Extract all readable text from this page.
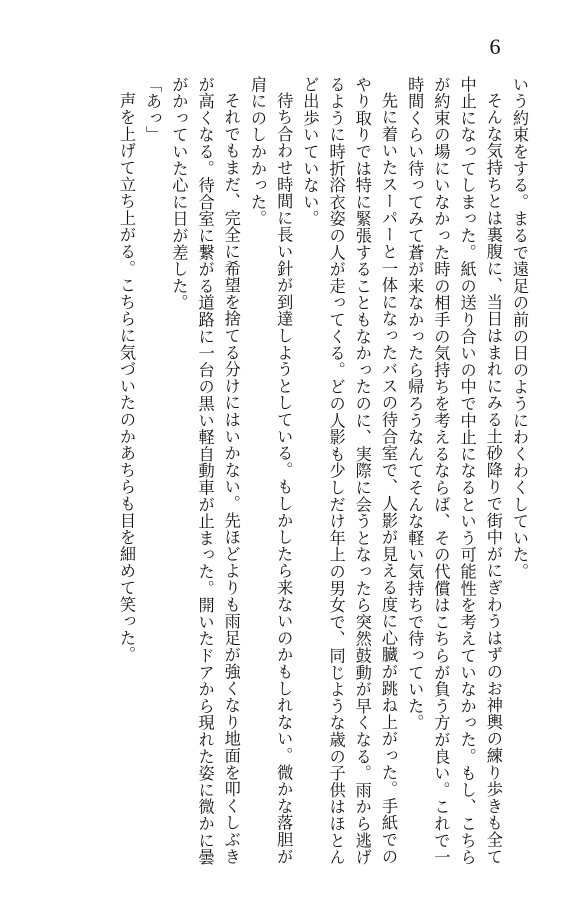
6

いう約束をする。まるで遠足の前の日のようにわくわくしていた。

そんな気持ちとは裏腹に、当日はまれにみる土砂降りで街中がにぎわうはずのお神輿の練り歩きも全て中止になってしまった。紙の送り合いの中で中止になるという可能性を考えていなかった。もし、こちらが約束の場にいなかった時の相手の気持ちを考えるならば、その代償はこちらが負う方が良い。これで一時間くらい待ってみて蒼が来なかったら帰ろうなんてそんな軽い気持ちで待っていた。

先に着いたスーパーと一体になったバスの待合室で、人影が見える度に心臓が跳ね上がった。手紙でのやり取りでは特に緊張することもなかったのに、実際に会うとなったら突然鼓動が早くなる。雨から逃げるように時折浴衣姿の人が走ってくる。どの人影も少しだけ年上の男女で、同じような歳の子供はほとんど出歩いていない。

待ち合わせ時間に長い針が到達しようとしている。もしかしたら来ないのかもしれない。微かな落胆が肩にのしかかった。

それでもまだ、完全に希望を捨てる分けにはいかない。先ほどよりも雨足が強くなり地面を叩くしぶきが高くなる。待合室に繋がる道路に一台の黒い軽自動車が止まった。開いたドアから現れた姿に微かに曇がかっていた心に日が差した。

「あっ」

声を上げて立ち上がる。こちらに気づいたのかあちらも目を細めて笑った。
